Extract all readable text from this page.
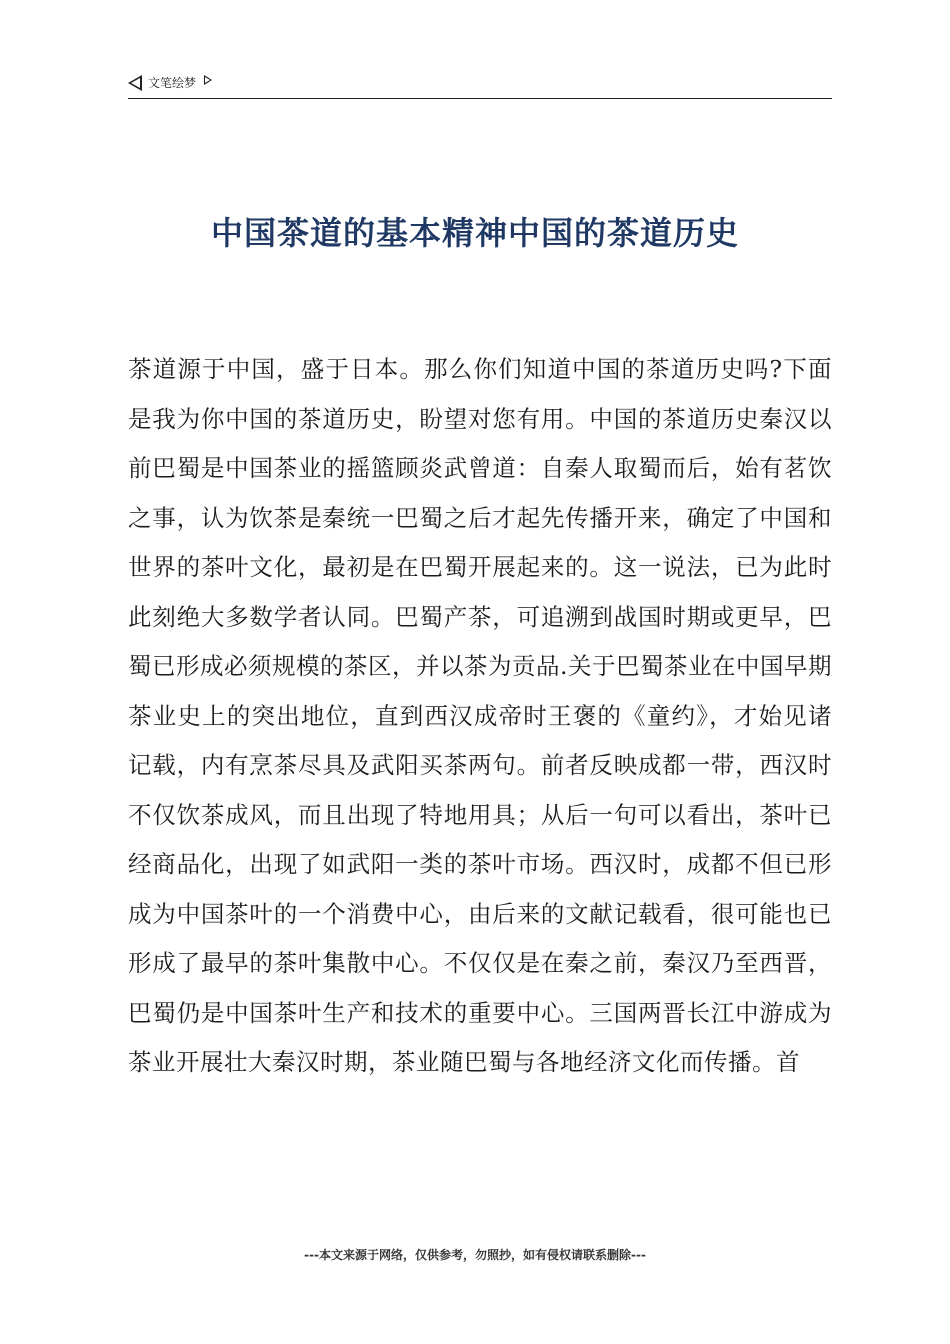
文笔绘梦
中国茶道的基本精神中国的茶道历史

茶道源于中国，盛于日本。那么你们知道中国的茶道历史吗?下面是我为你中国的茶道历史，盼望对您有用。中国的茶道历史秦汉以前巴蜀是中国茶业的摇篮顾炎武曾道：自秦人取蜀而后，始有茗饮之事，认为饮茶是秦统一巴蜀之后才起先传播开来，确定了中国和世界的茶叶文化，最初是在巴蜀开展起来的。这一说法，已为此时此刻绝大多数学者认同。巴蜀产茶，可追溯到战国时期或更早，巴蜀已形成必须规模的茶区，并以茶为贡品.关于巴蜀茶业在中国早期茶业史上的突出地位，直到西汉成帝时王褒的《童约》，才始见诸记载，内有烹茶尽具及武阳买茶两句。前者反映成都一带，西汉时不仅饮茶成风，而且出现了特地用具；从后一句可以看出，茶叶已经商品化，出现了如武阳一类的茶叶市场。西汉时，成都不但已形成为中国茶叶的一个消费中心，由后来的文献记载看，很可能也已形成了最早的茶叶集散中心。不仅仅是在秦之前，秦汉乃至西晋，巴蜀仍是中国茶叶生产和技术的重要中心。三国两晋长江中游成为茶业开展壮大秦汉时期，茶业随巴蜀与各地经济文化而传播。首

---本文来源于网络，仅供参考，勿照抄，如有侵权请联系删除---
